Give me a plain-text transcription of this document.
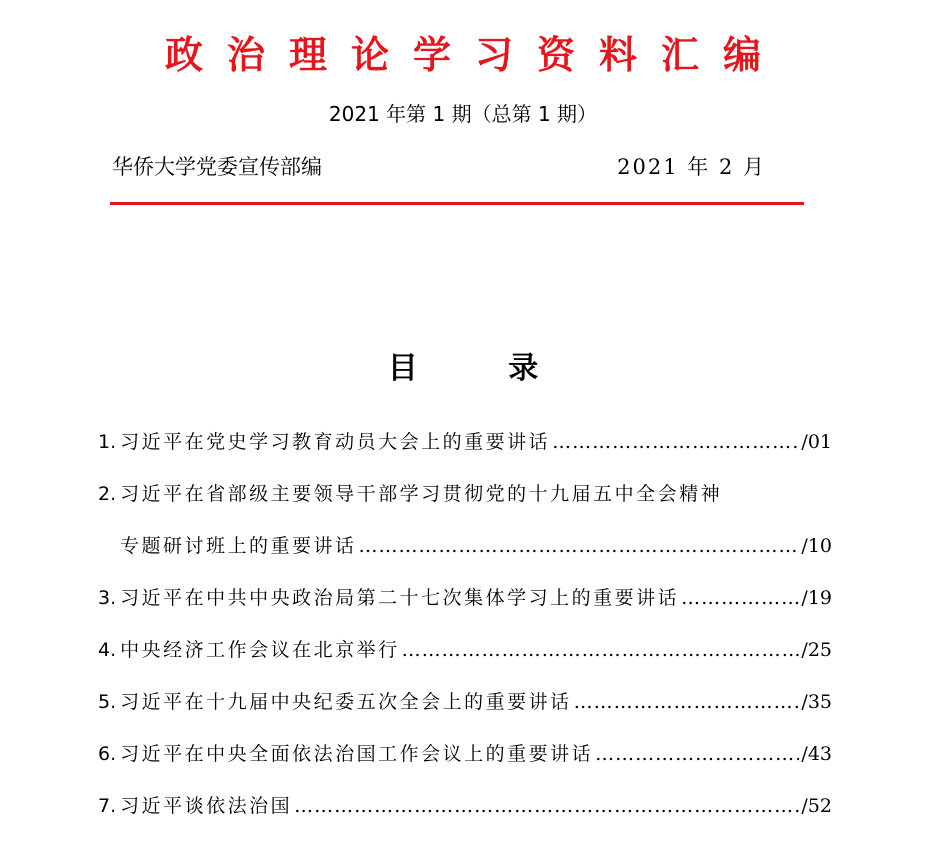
政治理论学习资料汇编
2021 年第 1 期（总第 1 期）
华侨大学党委宣传部编	2021 年 2 月
目 录
1. 习近平在党史学习教育动员大会上的重要讲话 ……………………………………………………………………………………………………………………………………………………	/01
2. 习近平在省部级主要领导干部学习贯彻党的十九届五中全会精神
专题研讨班上的重要讲话 ……………………………………………………………………………………………………………………………………………………	/10
3. 习近平在中共中央政治局第二十七次集体学习上的重要讲话 ……………………………………………………………………………………………………………………………………………………	/19
4. 中央经济工作会议在北京举行 ……………………………………………………………………………………………………………………………………………………	/25
5. 习近平在十九届中央纪委五次全会上的重要讲话 ……………………………………………………………………………………………………………………………………………………	/35
6. 习近平在中央全面依法治国工作会议上的重要讲话 ……………………………………………………………………………………………………………………………………………………	/43
7. 习近平谈依法治国 ……………………………………………………………………………………………………………………………………………………	/52
